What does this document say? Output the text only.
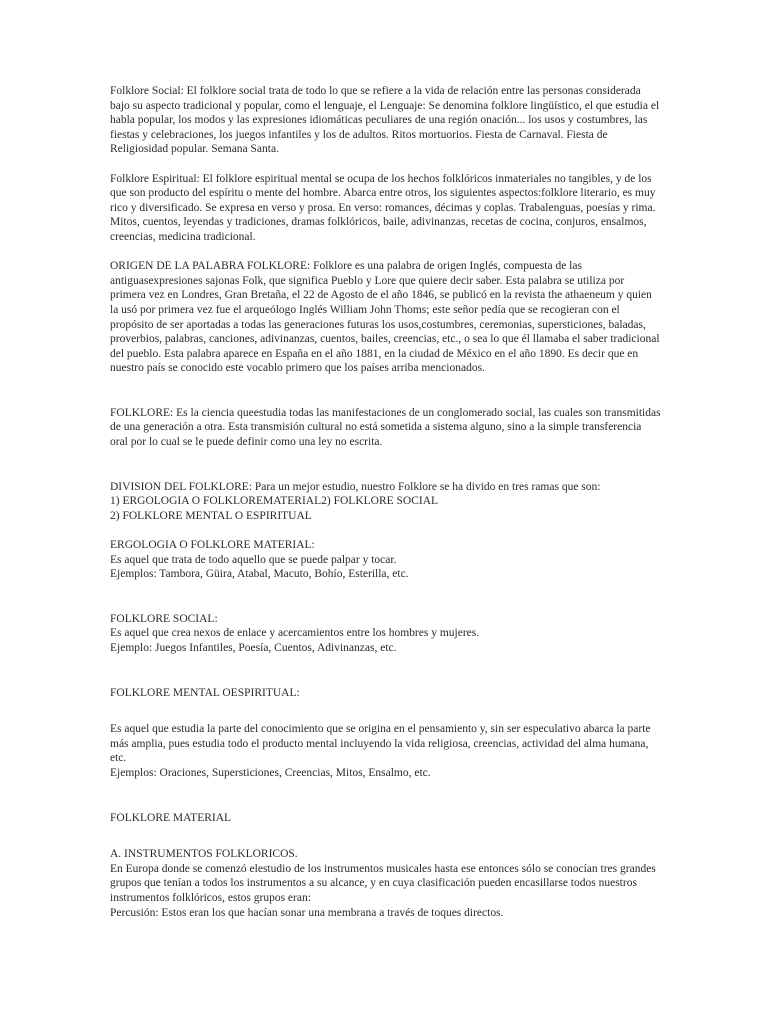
Folklore Social: El folklore social trata de todo lo que se refiere a la vida de relación entre las personas considerada bajo su aspecto tradicional y popular, como el lenguaje, el Lenguaje: Se denomina folklore lingüístico, el que estudia el habla popular, los modos y las expresiones idiomáticas peculiares de una región onación... los usos y costumbres, las fiestas y celebraciones, los juegos infantiles y los de adultos. Ritos mortuorios. Fiesta de Carnaval. Fiesta de Religiosidad popular. Semana Santa.

Folklore Espiritual: El folklore espiritual mental se ocupa de los hechos folklóricos inmateriales no tangibles, y de los que son producto del espíritu o mente del hombre. Abarca entre otros, los siguientes aspectos:folklore literario, es muy rico y diversificado. Se expresa en verso y prosa. En verso: romances, décimas y coplas. Trabalenguas, poesías y rima. Mitos, cuentos, leyendas y tradiciones, dramas folklóricos, baile, adivinanzas, recetas de cocina, conjuros, ensalmos, creencias, medicina tradicional.

ORIGEN DE LA PALABRA FOLKLORE: Folklore es una palabra de origen Inglés, compuesta de las antiguasexpresiones sajonas Folk, que significa Pueblo y Lore que quiere decir saber. Esta palabra se utiliza por primera vez en Londres, Gran Bretaña, el 22 de Agosto de el año 1846, se publicó en la revista the athaeneum y quien la usó por primera vez fue el arqueólogo Inglés William John Thoms; este señor pedía que se recogieran con el propósito de ser aportadas a todas las generaciones futuras los usos,costumbres, ceremonias, supersticiones, baladas, proverbios, palabras, canciones, adivinanzas, cuentos, bailes, creencias, etc., o sea lo que él llamaba el saber tradicional del pueblo. Esta palabra aparece en España en el año 1881, en la ciudad de México en el año 1890. Es decir que en nuestro país se conocido este vocablo primero que los países arriba mencionados.

FOLKLORE: Es la ciencia queestudia todas las manifestaciones de un conglomerado social, las cuales son transmitidas de una generación a otra. Esta transmisión cultural no está sometida a sistema alguno, sino a la simple transferencia oral por lo cual se le puede definir como una ley no escrita.

DIVISION DEL FOLKLORE: Para un mejor estudio, nuestro Folklore se ha divido en tres ramas que son:
1) ERGOLOGIA O FOLKLOREMATERIAL2) FOLKLORE SOCIAL
2) FOLKLORE MENTAL O ESPIRITUAL

ERGOLOGIA O FOLKLORE MATERIAL:
Es aquel que trata de todo aquello que se puede palpar y tocar.
Ejemplos: Tambora, Güira, Atabal, Macuto, Bohío, Esterilla, etc.

FOLKLORE SOCIAL:
Es aquel que crea nexos de enlace y acercamientos entre los hombres y mujeres.
Ejemplo: Juegos Infantiles, Poesía, Cuentos, Adivinanzas, etc.

FOLKLORE MENTAL OESPIRITUAL:

Es aquel que estudia la parte del conocimiento que se origina en el pensamiento y, sin ser especulativo abarca la parte más amplia, pues estudia todo el producto mental incluyendo la vida religiosa, creencias, actividad del alma humana, etc.
Ejemplos: Oraciones, Supersticiones, Creencias, Mitos, Ensalmo, etc.

FOLKLORE MATERIAL

A. INSTRUMENTOS FOLKLORICOS.
En Europa donde se comenzó elestudio de los instrumentos musicales hasta ese entonces sólo se conocían tres grandes grupos que tenían a todos los instrumentos a su alcance, y en cuya clasificación pueden encasillarse todos nuestros instrumentos folklóricos, estos grupos eran:
Percusión: Estos eran los que hacían sonar una membrana a través de toques directos.
